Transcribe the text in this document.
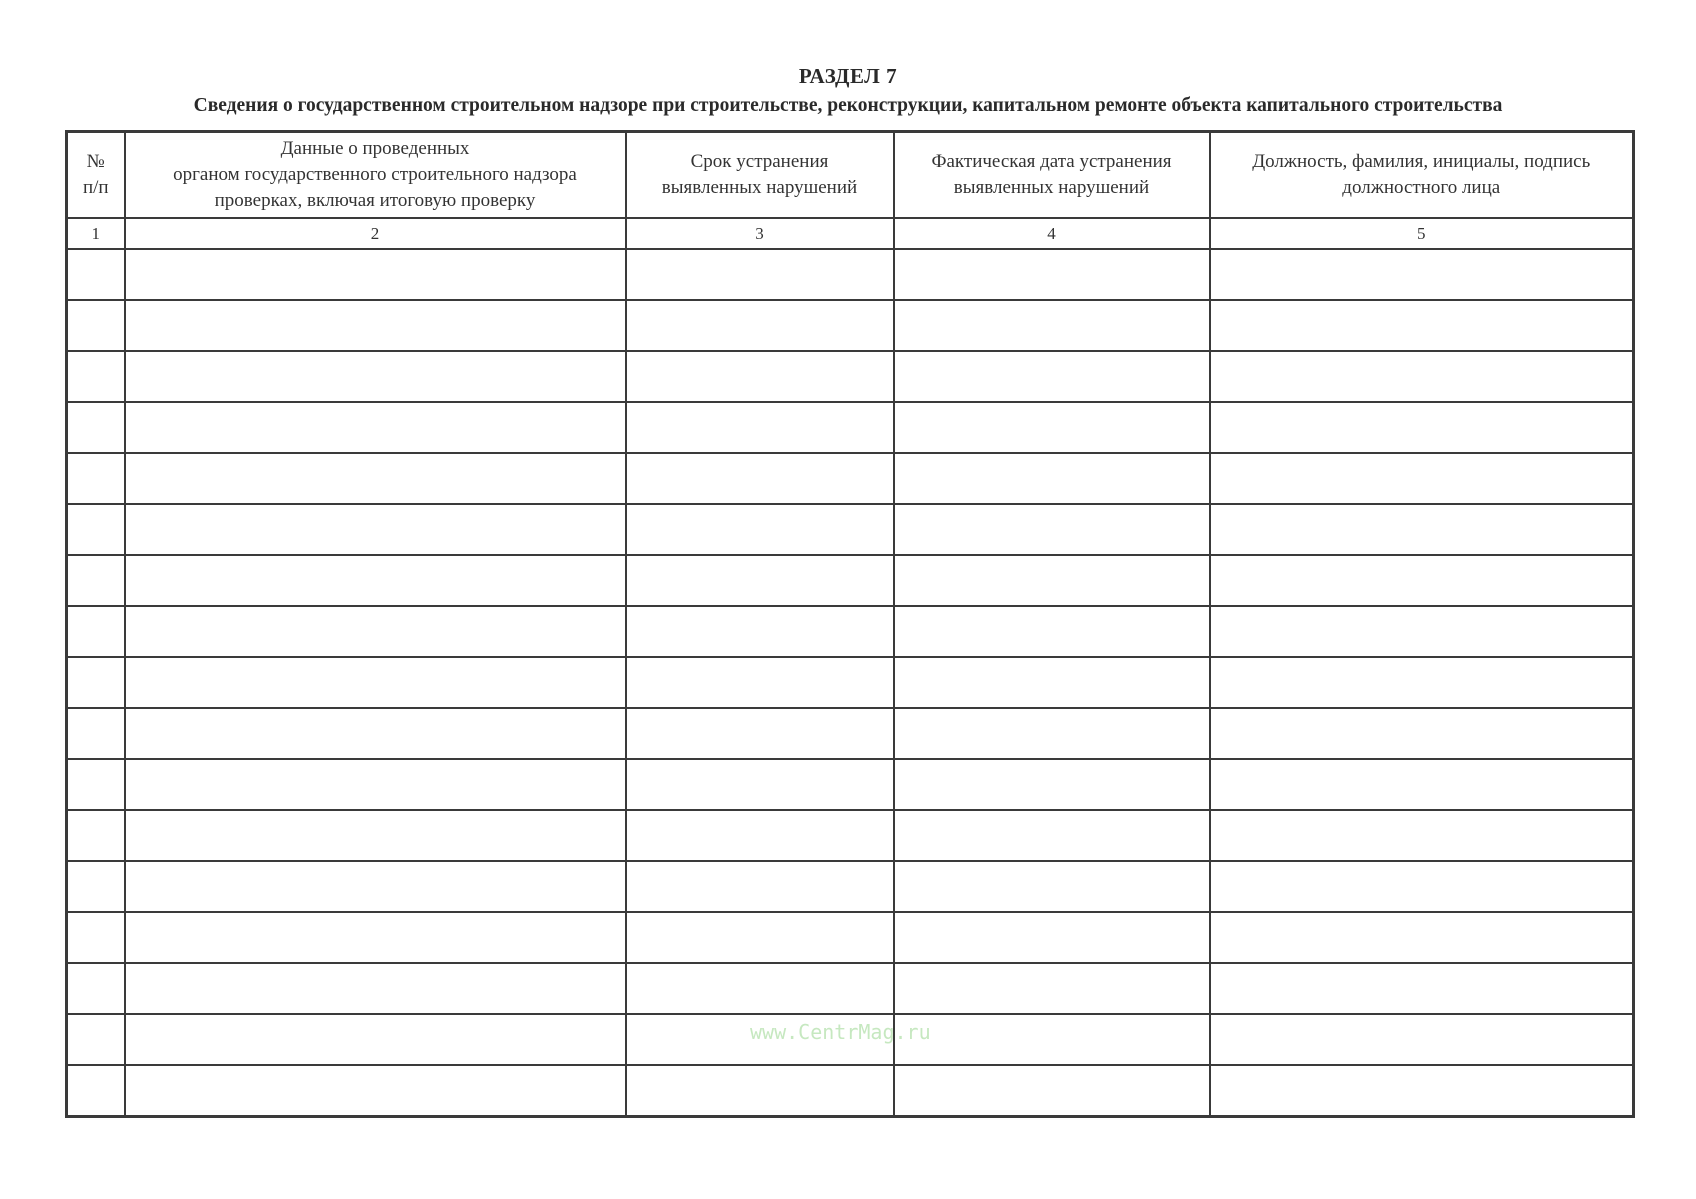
РАЗДЕЛ 7
Сведения о государственном строительном надзоре при строительстве, реконструкции, капитальном ремонте объекта капитального строительства
№
п/п	Данные о проведенных
органом государственного строительного надзора
проверках, включая итоговую проверку	Срок устранения
выявленных нарушений	Фактическая дата устранения
выявленных нарушений	Должность, фамилия, инициалы, подпись
должностного лица
1	2	3	4	5

www.CentrMag.ru
